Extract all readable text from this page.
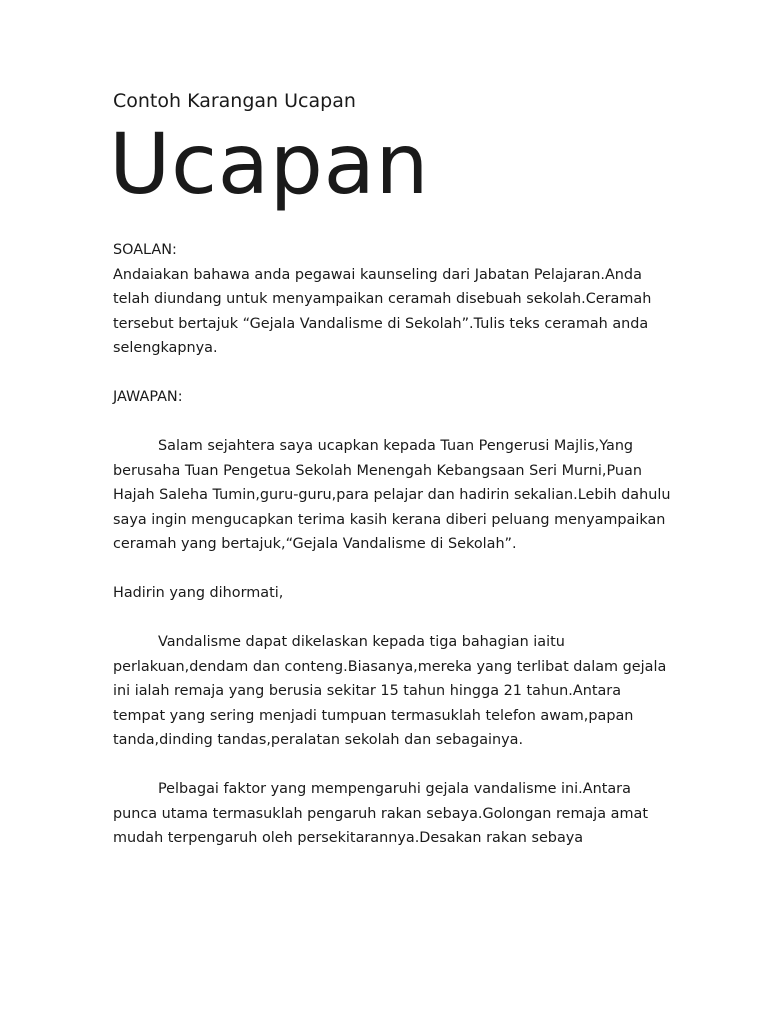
Contoh Karangan Ucapan
Ucapan

SOALAN:

Andaiakan bahawa anda pegawai kaunseling dari Jabatan Pelajaran.Anda telah diundang untuk menyampaikan ceramah disebuah sekolah.Ceramah tersebut bertajuk “Gejala Vandalisme di Sekolah”.Tulis teks ceramah anda selengkapnya.

JAWAPAN:

Salam sejahtera saya ucapkan kepada Tuan Pengerusi Majlis,Yang berusaha Tuan Pengetua Sekolah Menengah Kebangsaan Seri Murni,Puan Hajah Saleha Tumin,guru-guru,para pelajar dan hadirin sekalian.Lebih dahulu saya ingin mengucapkan terima kasih kerana diberi peluang menyampaikan ceramah yang bertajuk,“Gejala Vandalisme di Sekolah”.

Hadirin yang dihormati,

Vandalisme dapat dikelaskan kepada tiga bahagian iaitu perlakuan,dendam dan conteng.Biasanya,mereka yang terlibat dalam gejala ini ialah remaja yang berusia sekitar 15 tahun hingga 21 tahun.Antara tempat yang sering menjadi tumpuan termasuklah telefon awam,papan tanda,dinding tandas,peralatan sekolah dan sebagainya.

Pelbagai faktor yang mempengaruhi gejala vandalisme ini.Antara punca utama termasuklah pengaruh rakan sebaya.Golongan remaja amat mudah terpengaruh oleh persekitarannya.Desakan rakan sebaya
